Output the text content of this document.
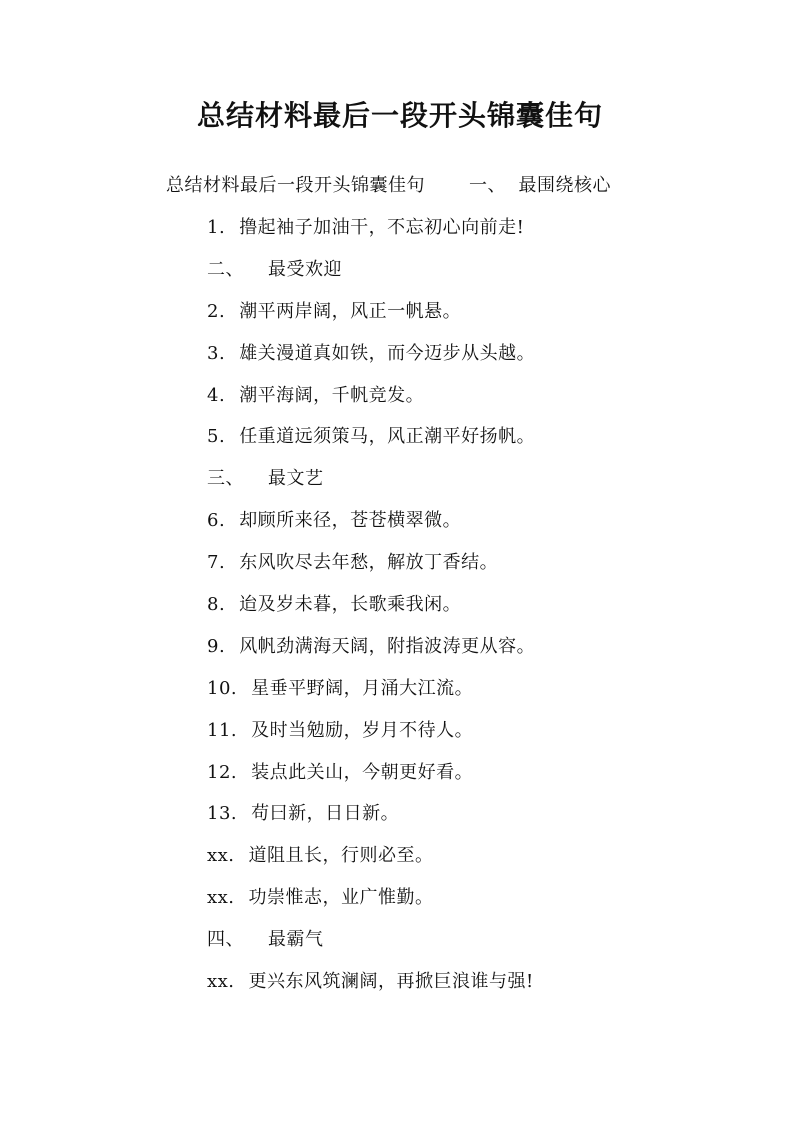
总结材料最后一段开头锦囊佳句
总结材料最后一段开头锦囊佳句 一、 最围绕核心
1. 撸起袖子加油干，不忘初心向前走!
二、 最受欢迎
2. 潮平两岸阔，风正一帆悬。
3. 雄关漫道真如铁，而今迈步从头越。
4. 潮平海阔，千帆竞发。
5. 任重道远须策马，风正潮平好扬帆。
三、 最文艺
6. 却顾所来径，苍苍横翠微。
7. 东风吹尽去年愁，解放丁香结。
8. 迨及岁未暮，长歌乘我闲。
9. 风帆劲满海天阔，附指波涛更从容。
10. 星垂平野阔，月涌大江流。
11. 及时当勉励，岁月不待人。
12. 装点此关山，今朝更好看。
13. 苟曰新，日日新。
xx. 道阻且长，行则必至。
xx. 功崇惟志，业广惟勤。
四、 最霸气
xx. 更兴东风筑澜阔，再掀巨浪谁与强!
